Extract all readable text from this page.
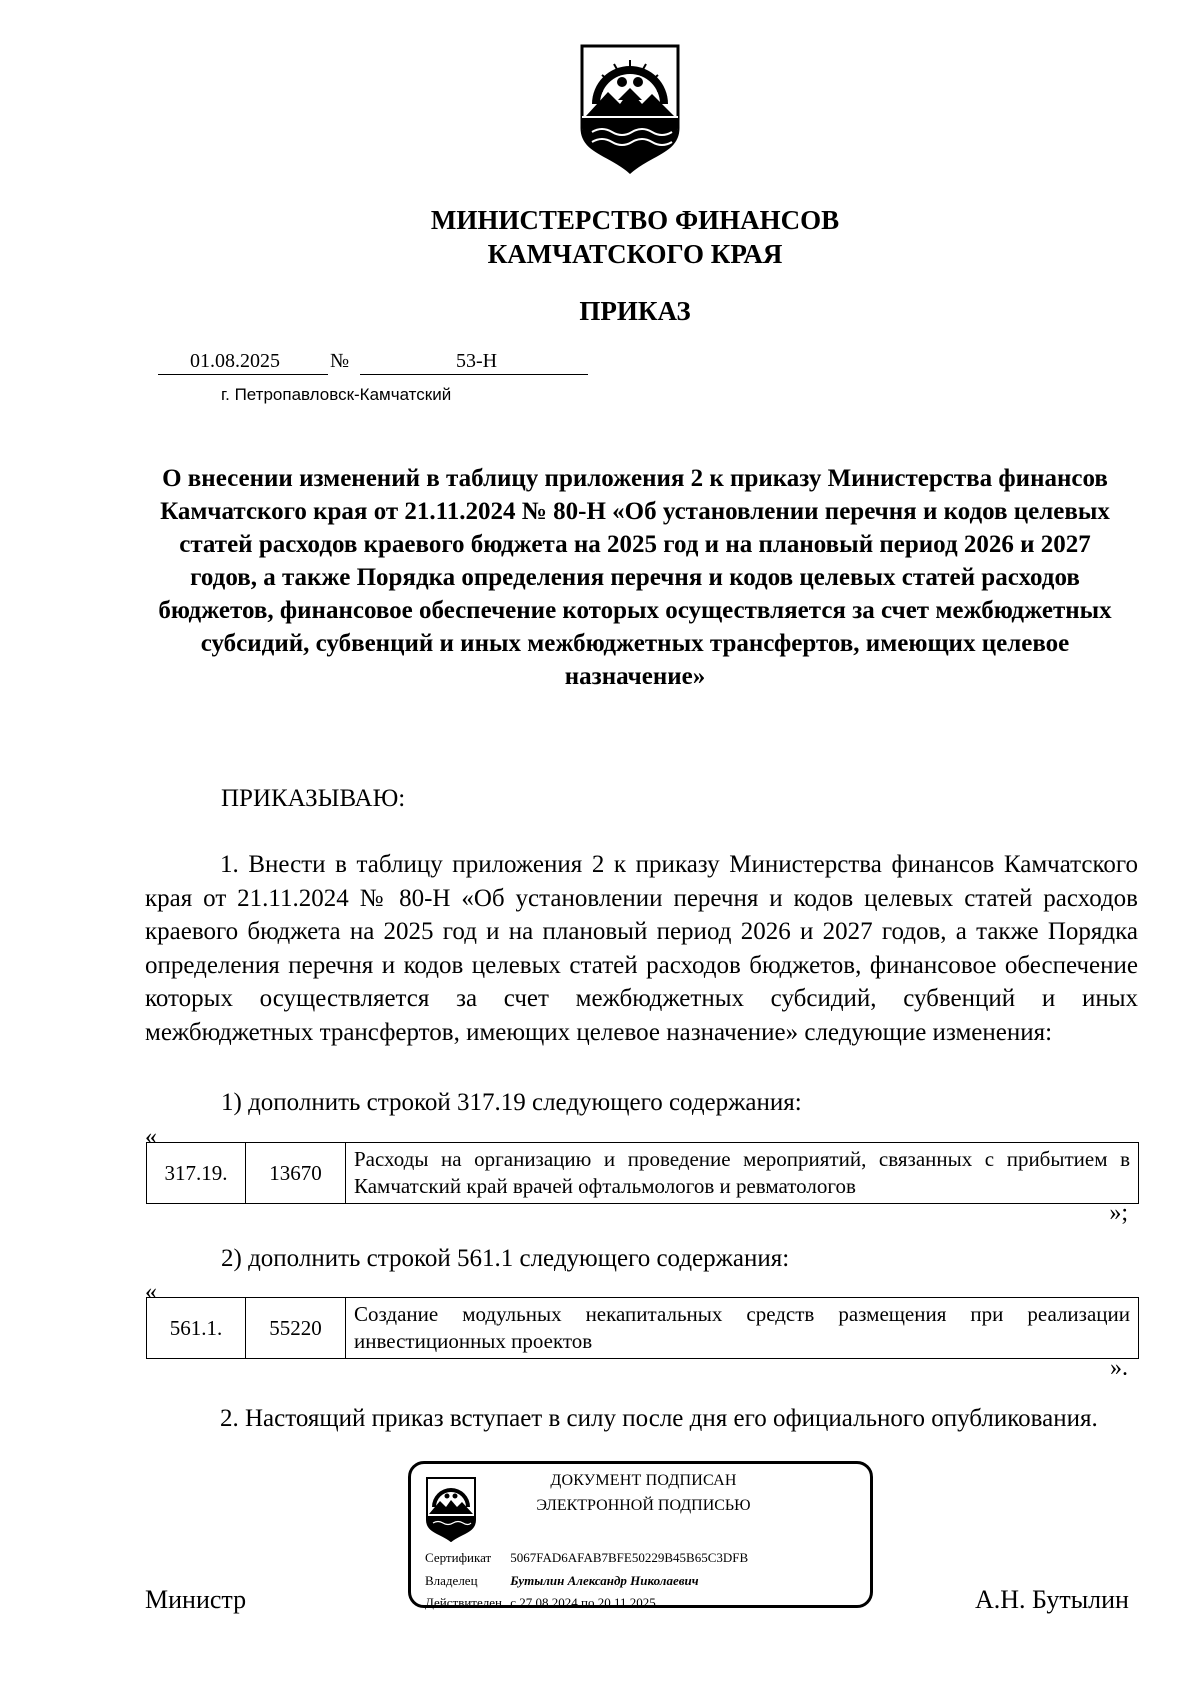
МИНИСТЕРСТВО ФИНАНСОВ
КАМЧАТСКОГО КРАЯ
ПРИКАЗ
01.08.2025	№	53-Н
г. Петропавловск-Камчатский
О внесении изменений в таблицу приложения 2 к приказу Министерства финансов Камчатского края от 21.11.2024 № 80-Н «Об установлении перечня и кодов целевых статей расходов краевого бюджета на 2025 год и на плановый период 2026 и 2027 годов, а также Порядка определения перечня и кодов целевых статей расходов бюджетов, финансовое обеспечение которых осуществляется за счет межбюджетных субсидий, субвенций и иных межбюджетных трансфертов, имеющих целевое назначение»
ПРИКАЗЫВАЮ:

1. Внести в таблицу приложения 2 к приказу Министерства финансов Камчатского края от 21.11.2024 № 80-Н «Об установлении перечня и кодов целевых статей расходов краевого бюджета на 2025 год и на плановый период 2026 и 2027 годов, а также Порядка определения перечня и кодов целевых статей расходов бюджетов, финансовое обеспечение которых осуществляется за счет межбюджетных субсидий, субвенций и иных межбюджетных трансфертов, имеющих целевое назначение» следующие изменения:

1) дополнить строкой 317.19 следующего содержания:
«
317.19.	13670	Расходы на организацию и проведение мероприятий, связанных с прибытием в Камчатский край врачей офтальмологов и ревматологов
»;
2) дополнить строкой 561.1 следующего содержания:
«
561.1.	55220	Создание модульных некапитальных средств размещения при реализации инвестиционных проектов
».

2. Настоящий приказ вступает в силу после дня его официального опубликования.

Министр	А.Н. Бутылин
ДОКУМЕНТ ПОДПИСАН
ЭЛЕКТРОННОЙ ПОДПИСЬЮ
Сертификат 5067FAD6AFAB7BFE50229B45B65C3DFB
Владелец	Бутылин Александр Николаевич
Действителен с 27.08.2024 по 20.11.2025
